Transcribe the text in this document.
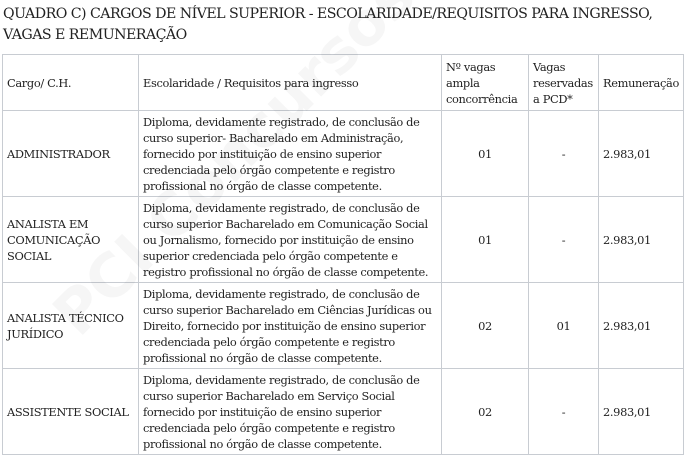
QUADRO C) CARGOS DE NÍVEL SUPERIOR - ESCOLARIDADE/REQUISITOS PARA INGRESSO, VAGAS E REMUNERAÇÃO
Cargo/ C.H.	Escolaridade / Requisitos para ingresso	Nº vagas ampla concorrência	Vagas reservadas a PCD*	Remuneração
ADMINISTRADOR	Diploma, devidamente registrado, de conclusão de curso superior- Bacharelado em Administração, fornecido por instituição de ensino superior credenciada pelo órgão competente e registro profissional no órgão de classe competente.	01	-	2.983,01
ANALISTA EM COMUNICAÇÃO SOCIAL	Diploma, devidamente registrado, de conclusão de curso superior Bacharelado em Comunicação Social ou Jornalismo, fornecido por instituição de ensino superior credenciada pelo órgão competente e registro profissional no órgão de classe competente.	01	-	2.983,01
ANALISTA TÉCNICO JURÍDICO	Diploma, devidamente registrado, de conclusão de curso superior Bacharelado em Ciências Jurídicas ou Direito, fornecido por instituição de ensino superior credenciada pelo órgão competente e registro profissional no órgão de classe competente.	02	01	2.983,01
ASSISTENTE SOCIAL	Diploma, devidamente registrado, de conclusão de curso superior Bacharelado em Serviço Social fornecido por instituição de ensino superior credenciada pelo órgão competente e registro profissional no órgão de classe competente.	02	-	2.983,01
